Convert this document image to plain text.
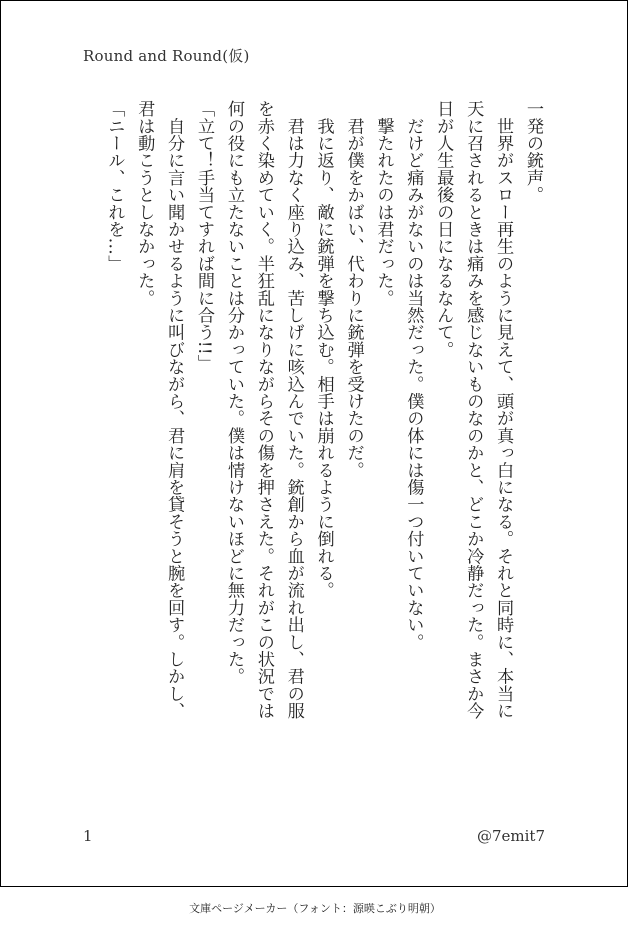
Round and Round(仮)

一発の銃声。

　世界がスロー再生のように見えて、頭が真っ白になる。それと同時に、本当に

天に召されるときは痛みを感じないものなのかと、どこか冷静だった。まさか今

日が人生最後の日になるなんて。

　だけど痛みがないのは当然だった。僕の体には傷一つ付いていない。

　撃たれたのは君だった。

　君が僕をかばい、代わりに銃弾を受けたのだ。

　我に返り、敵に銃弾を撃ち込む。相手は崩れるように倒れる。

　君は力なく座り込み、苦しげに咳込んでいた。銃創から血が流れ出し、君の服

を赤く染めていく。半狂乱になりながらその傷を押さえた。それがこの状況では

何の役にも立たないことは分かっていた。僕は情けないほどに無力だった。

「立て！手当てすれば間に合う!!」

　自分に言い聞かせるように叫びながら、君に肩を貸そうと腕を回す。しかし、

君は動こうとしなかった。

「ニール、これを…」

1	@7emit7
文庫ページメーカー（フォント：源暎こぶり明朝）
